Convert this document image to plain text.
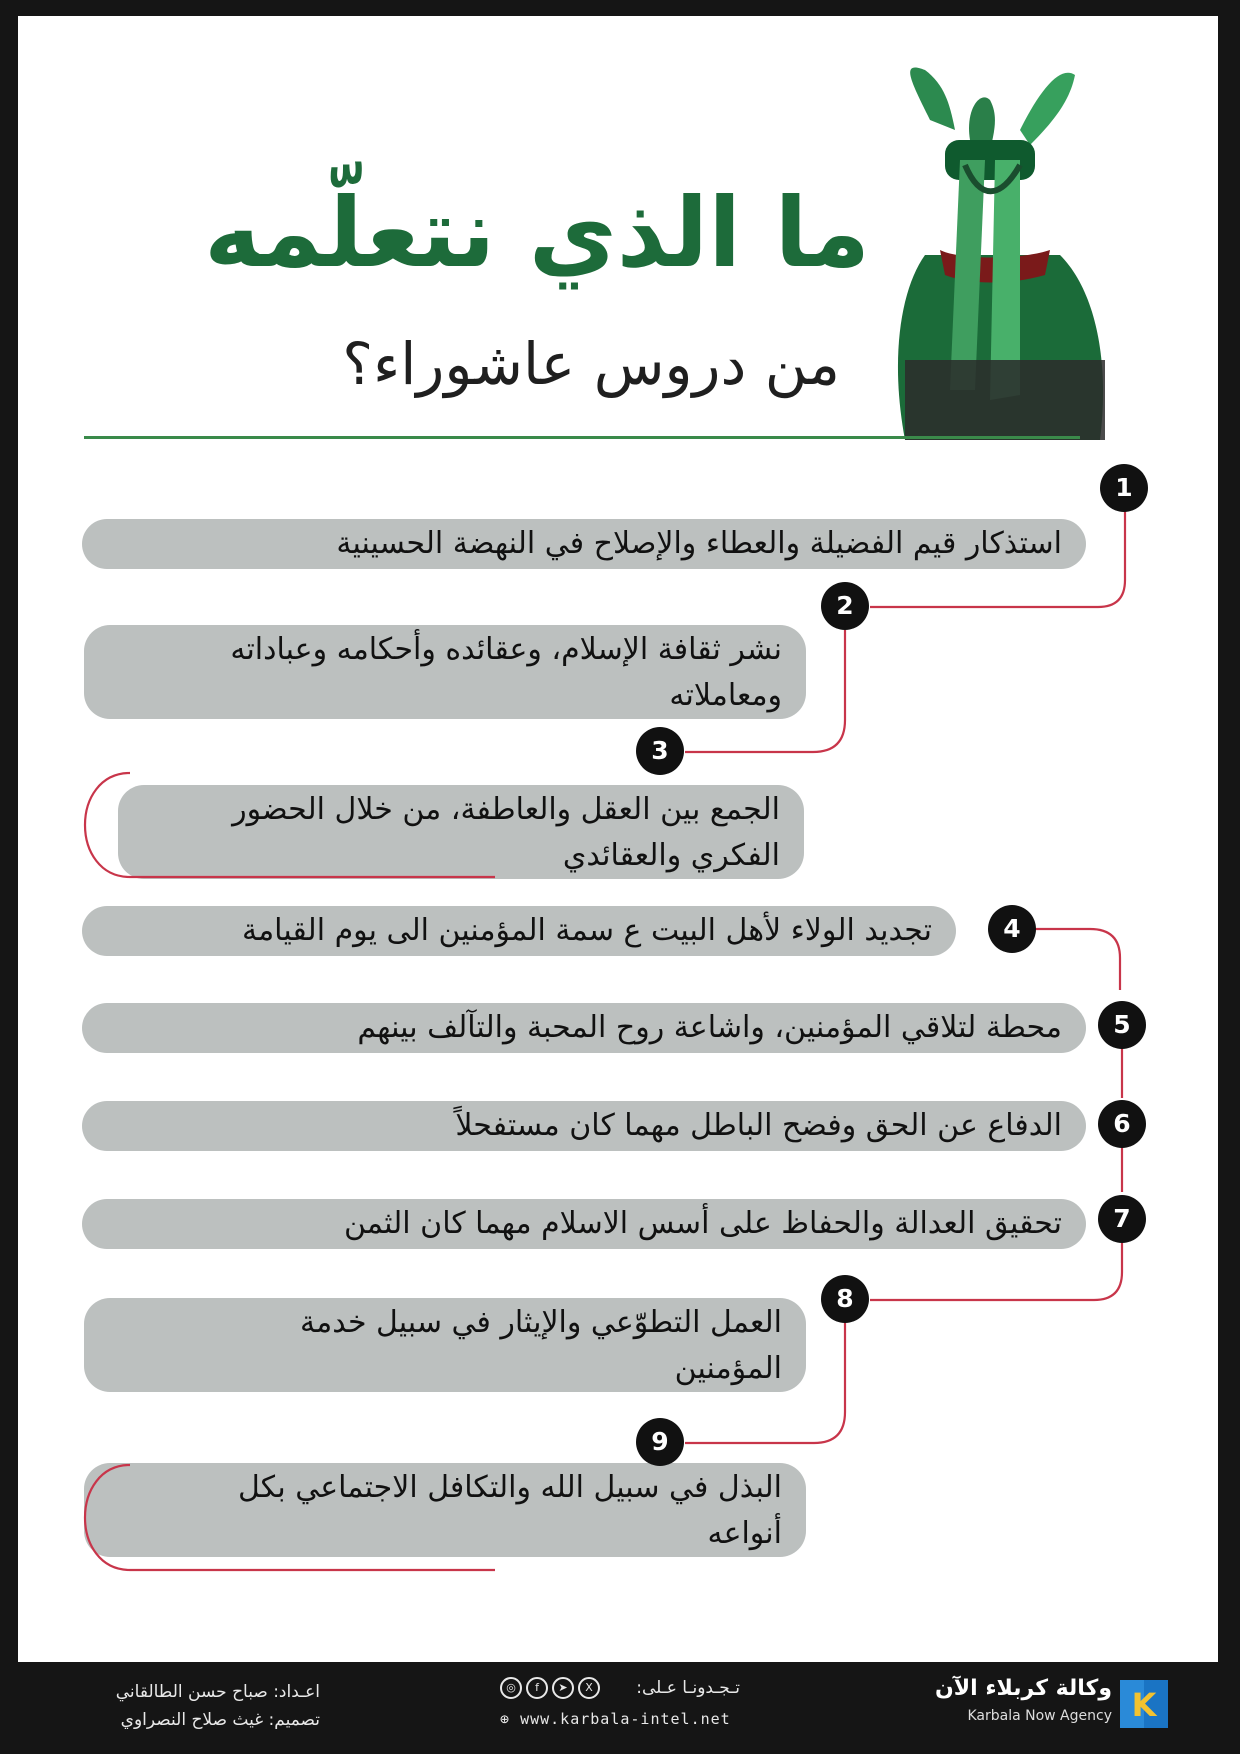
ما الذي نتعلّمه
من دروس عاشوراء؟
استذكار قيم الفضيلة والعطاء والإصلاح في النهضة الحسينية
نشر ثقافة الإسلام، وعقائده وأحكامه وعباداته
ومعاملاته
الجمع بين العقل والعاطفة، من خلال الحضور
الفكري والعقائدي
تجديد الولاء لأهل البيت ع سمة المؤمنين الى يوم القيامة
محطة لتلاقي المؤمنين، واشاعة روح المحبة والتآلف بينهم
الدفاع عن الحق وفضح الباطل مهما كان مستفحلاً
تحقيق العدالة والحفاظ على أسس الاسلام مهما كان الثمن
العمل التطوّعي والإيثار في سبيل خدمة
المؤمنين
البذل في سبيل الله والتكافل الاجتماعي بكل
أنواعه
1
2
3
4
5
6
7
8
9
اعـداد: صباح حسن الطالقاني
تصميم: غيث صلاح النصراوي
◎	f	➤	X	تـجـدونـا عـلى:
⊕ www.karbala-intel.net
وكالة كربلاء الآن
Karbala Now Agency K
